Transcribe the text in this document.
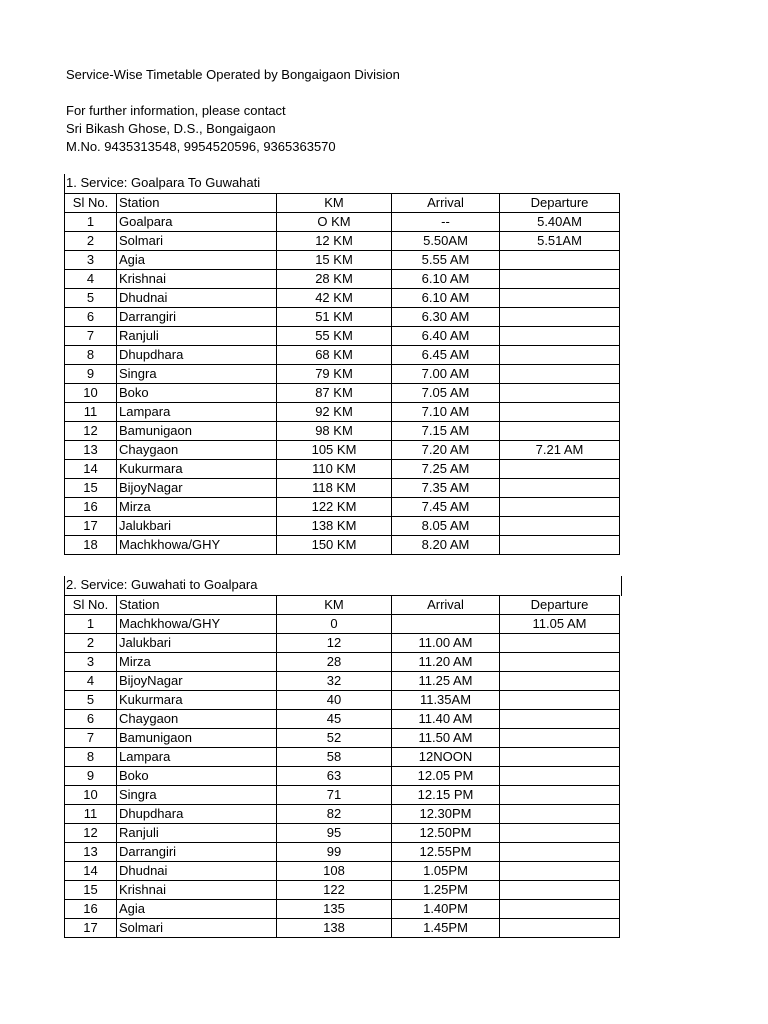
Service-Wise Timetable Operated by Bongaigaon Division
For further information, please contact
Sri Bikash Ghose, D.S., Bongaigaon
M.No. 9435313548, 9954520596, 9365363570
1. Service: Goalpara To Guwahati
Sl No.	Station	KM	Arrival	Departure
1	Goalpara	O KM	--	5.40AM
2	Solmari	12 KM	5.50AM	5.51AM
3	Agia	15 KM	5.55 AM	
4	Krishnai	28 KM	6.10 AM	
5	Dhudnai	42 KM	6.10 AM	
6	Darrangiri	51 KM	6.30 AM	
7	Ranjuli	55 KM	6.40 AM	
8	Dhupdhara	68 KM	6.45 AM	
9	Singra	79 KM	7.00 AM	
10	Boko	87 KM	7.05 AM	
11	Lampara	92 KM	7.10 AM	
12	Bamunigaon	98 KM	7.15 AM	
13	Chaygaon	105 KM	7.20 AM	7.21 AM
14	Kukurmara	110 KM	7.25 AM	
15	BijoyNagar	118 KM	7.35 AM	
16	Mirza	122 KM	7.45 AM	
17	Jalukbari	138 KM	8.05 AM	
18	Machkhowa/GHY	150 KM	8.20 AM	
2. Service: Guwahati to Goalpara
Sl No.	Station	KM	Arrival	Departure
1	Machkhowa/GHY	0		11.05 AM
2	Jalukbari	12	11.00 AM	
3	Mirza	28	11.20 AM	
4	BijoyNagar	32	11.25 AM	
5	Kukurmara	40	11.35AM	
6	Chaygaon	45	11.40 AM	
7	Bamunigaon	52	11.50 AM	
8	Lampara	58	12NOON	
9	Boko	63	12.05 PM	
10	Singra	71	12.15 PM	
11	Dhupdhara	82	12.30PM	
12	Ranjuli	95	12.50PM	
13	Darrangiri	99	12.55PM	
14	Dhudnai	108	1.05PM	
15	Krishnai	122	1.25PM	
16	Agia	135	1.40PM	
17	Solmari	138	1.45PM	
